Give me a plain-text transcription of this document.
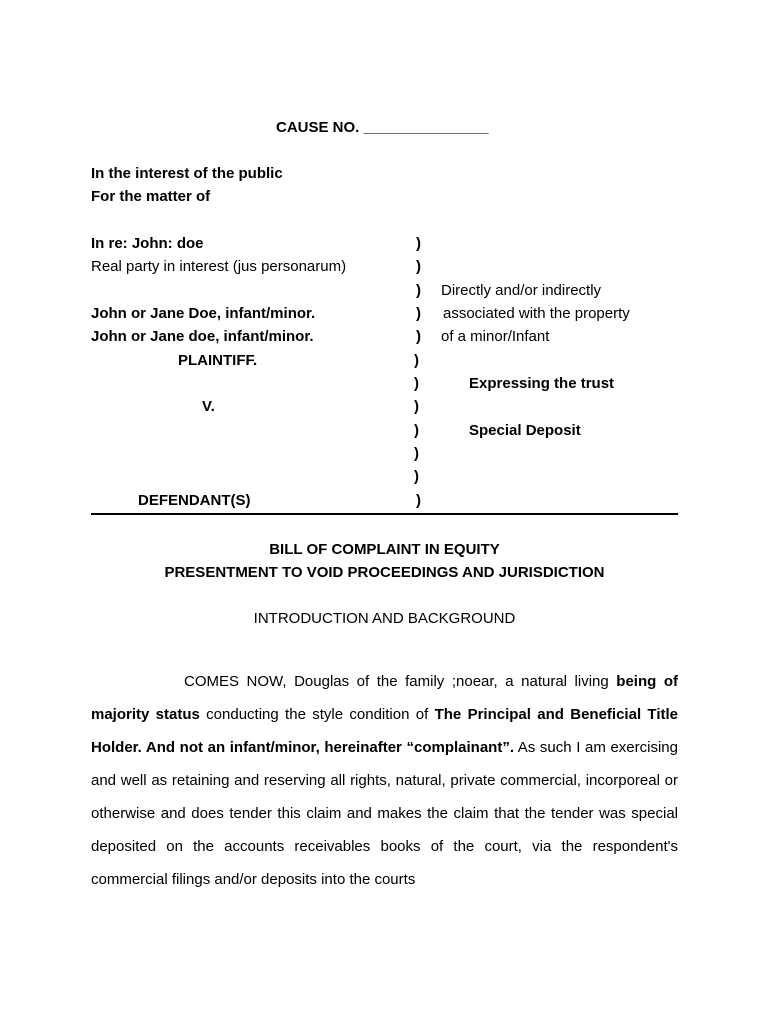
CAUSE NO. _______________
In the interest of the public
For the matter of
In re: John: doe
Real party in interest (jus personarum)
John or Jane Doe, infant/minor.
John or Jane doe, infant/minor.
PLAINTIFF.
V.
DEFENDANT(S)
)
)
)
)
)
)
)
)
)
)
)
)
Directly and/or indirectly
associated with the property
of a minor/Infant
Expressing the trust
Special Deposit
BILL OF COMPLAINT IN EQUITY
PRESENTMENT TO VOID PROCEEDINGS AND JURISDICTION
INTRODUCTION AND BACKGROUND
COMES NOW, Douglas of the family ;noear, a natural living being of majority status conducting the style condition of The Principal and Beneficial Title Holder. And not an infant/minor, hereinafter “complainant”. As such I am exercising and well as retaining and reserving all rights, natural, private commercial, incorporeal or otherwise and does tender this claim and makes the claim that the tender was special deposited on the accounts receivables books of the court, via the respondent's commercial filings and/or deposits into the courts
